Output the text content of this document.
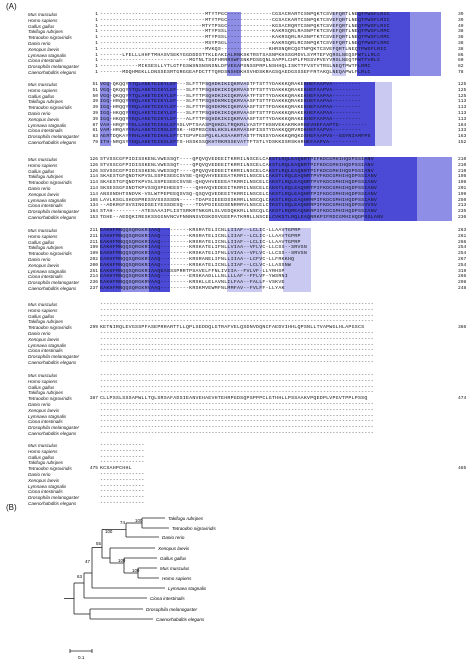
(A)
Mus musculus	1 ---------------------------------MTYTPGC--------------CGSACRARTCSNPQKTCSVEFQRTLNEQTPWSFLRIC	39
Homo sapiens	1 ---------------------------------MTYTPGC--------------CGSACKARTCSNPQKTCSVEFQRTLNEQTPWSFLRIC	39
Gallus gallus	1 --------------------------------MTYTPSGC--------------KGSACRQRTCSNPQKTCSVEFQRTLNEQTPWSFLRIC	49
Takifugu rubripes	1 ---------------------------------MTYPSSL--------------KAKRSQRLRASNPTKTCSVEFQRTLNEQTPWSFLRMC	38
Tetraodon nigroviridis	1 ---------------------------------MTYPSSL--------------KAKRSQRLRASNPTKTCSVEFQRTLNEQTPWSFLRMC	38
Danio rerio	1 ---------------------------------MSYPSGL--------------KAKRSQRLRCSNPQKTCSVEFQRTLNEQTPWSFLRMC	38
Xenopus laevis	1 ---------------------------------MVKQS---------------KHRSNQRCQGTNPQKTCSVEFQRTLNEQTPWSFLRIC	38
Lymnaea stagnalis	1 -------LFELLLHHFTMHASVSEKYGGDDDSTTKLEAKIALRNKSKTRSTSASNPKHSSGMDVLSYMTEFVQRSLNEQSPWTLLRLC	86
Ciona intestinalis	1 ----------------------------MGTNLTSGFHRRRSWFSNKPDSEQNLSAPPLCHPLFMSSVPVEYVRSLNEQTPWTFVRLC	60
Drosophila melanogaster	1 ------------MIKSESLLYTLGTFGSWSNSNSNSNLDFVEGAPSNSSPRPLNSHHQLISKTTFVSTVTRSLNEQTPWTFLRMC	82
Caenorhabditis elegans	1 -------MDQHMEKLLDNSSESRTGRGGEAFDCTTTQRDSNSHDKHSVHDSKRAGSQAEDGSSSEFFRTAKQLNEQAPWLFLRLC	78
Mus musculus	51 VGQ-QKQQYYTQLAKETEIKYLEF---SLFTTPSQHDKIKIQKRVASTFTSTTYDAKKKQRAKEKHEFAAPVA---------	125
Homo sapiens	51 VGQ-QKQQYYTQLAKETEIKYLEF---SLFTTPSQHDKIKIQKRVASTFTSTTYDAKKKQRAKEKHEFAAPVA---------	125
Gallus gallus	50 VGQ-QKQQYYTQLAKETEIKYLEF---SLFTTPSQHDKIKIQKRVAATFTSTTYDAKKKQRAKEKHEFAAPAA---------	125
Takifugu rubripes	39 IGQ-HRQQYYRQLAKETEIKYLEF---SLFTTPSQHDKMKIQKRVAASFTSTTFDAKKKQRAKEKHEFAAPAA---------	113
Tetraodon nigroviridis	39 IGQ-HRQQYYRQLAKETEIKYLEF---SLFTTPSQHDKMKIQKRVAASFTSTTFDAKKKQRAKEKHEFAAPAA---------	113
Danio rerio	39 IGQ-HKQQYYRQLAKETEIKYLEF---SLFTTPSQHDKIKIQKRVAASFTSTTFDAKKKQRAKEKHEFAAPAA---------	113
Xenopus laevis	39 IGQ-HKQQYYKQLAKETEIKYLEF---ALFTTPSQHDKIKIQKRVAASFTSTTYDAKKKQRAKEKHEFAAPAA---------	113
Lymnaea stagnalis	87 VAH-HRQFYYKLLAKETEIKSLEFASLVPTSAASPQHKDLTRQKRLVASTFTHSNVEKAKRKHRKEVHEFAAPTG---------	164
Ciona intestinalis	61 VAM-HRQAYYKALAKETEIRSLEFSK--HDPRSCSNLKKSLKKRVASHFISSTYDAKKQQRVRDKHEFAAPVA---------	133
Drosophila melanogaster	83 AERTDQKAYYRHLAKETEIKHLEFTCTGPVPGSPQLKLKSAAKRTASTFTNSSYDAKKKQRQKDSHEFAAPVS--GSYNIAMFPS	163
Caenorhabditis elegans	79 ITH-NRQSYYDQLAKETEIKSLEFTS-HSSKSSQKHTRKRSSEVATTFTSTLYDSKKSSRSKHRHEFAAPVA---------	152
Mus musculus	126 STVSSCGFPIDISSKENLVWESSQT----QPQVQVEDEEITKRRILNSCELCAKSTLRQLEAQNRTPIFKDCGMHIHQDPSSIANV	210
Homo sapiens	126 STVSSCGFPIDISSKENLVWESSQT----QPQVQVEDEEITKRRILNSCELCAKSTLRQLEAQNRTPIFKDCGMHIHQDPSSIANV	210
Gallus gallus	126 SSVSSCGFPIDISSKENLVWESSQT----QPQVQVEDEEITKRRILNSCELCAKSTLRQLEAQNRTPIFKDCGMHIHQDPSSIANV	210
Takifugu rubripes	114 SKAESTGFQNDTKPVSLSSPESEECSVSE-QHQVHVEEEEATKRRILNSCELCAKSTLRQLEAQNRTPVFKDCGMHIHQDPSSIANV	198
Tetraodon nigroviridis	114 SKAESTGFQNDTKPVSLSSPESEECSVSE-QHQVHVEEEEATKRRILNSCELCAKSTLRQLEAQNRTPVFKDCGMHIHQDPSSIANV	198
Danio rerio	114 SKSESSGFSNDTKPVSSQSPEHEEST----QHHVQVEDEEITKRRILNSCELCAKSTLRQLEAQNRTPIFKDCGMHIHQDPSSIANV	201
Xenopus laevis	114 ANSSNDHTSNDVK-VSLWTPEPEEQSVSQ-QSQVQVEDEEITKRRILNSCELCAKSTLRQLEAQNRTPIFKDCGMHIHQDPSSIANV	199
Lymnaea stagnalis	165 LAVLKSGLSHDSPRESSVSSSSSDN-----TDAPSIEEEDSSKRRLLNSCQLCAKSTLRQLEAQNRRPIFKDCGMHIHQDPSSIANV	250
Ciona intestinalis	134 --ADKRGFSVSINGDSEIYESSDESQ----TDVPDIEGDSENRRRVLNSCELCTKSTLRQLEAQNRRPIFKDCGMHIHQDPSSVVSV	213
Drosophila melanogaster	164 STAH---------ATESAAAIPLISTSRKRTNKGRLSLVEDQKKRLLNSCQLCAKSTLRQMEAQNKRPIFKDCGMHIHQDPSSIANV	235
Caenorhabditis elegans	153 TDHE--AEDQKIRESKSSGGNVNCVFNNNNSVDSKDSVGEEPATKRRLLNSCELCVKSTLRQLEAQNRKPIFRDCGMHIHQDPSSLANV	236
Mus musculus	211 EAKHFMNQQSQRGKRIAAQ---------KRSRATELICNLLIIAF--LCLIC-LLAAVTGPRP	263
Homo sapiens	211 EAKHFMNQQSQRGKRIAAQ---------KRSRATELICNLLIIAF--LCLIC-LLAAVTGPRP	261
Gallus gallus	211 EAKHFMNQQSQRGKRIAAQ---------KRSRATELICNLLIIAF--LCLIC-LLAAVTGPRP	266
Takifugu rubripes	199 EAKHFMNQQSQRGKRIAAQ---------KRSKATELIFNLLVIAA--VFLVC-LLCSS--SRVSN	254
Tetraodon nigroviridis	199 EAKHFMNQQSQRGKRIAAQ---------KRSKATELIFNLLVIAA--VFLVC-LLCSS--SRVSN	254
Danio rerio	202 EAKHFMNQQSQRGKRIAAQ---------KRSRANELIFNLLIIAA--LCFVC-LLFRKKHQ	267
Xenopus laevis	200 EAKHFMNQQSQRGKRIAAQ---------KRSKATELICNLLIIAF--LCLVC-LLASSNW	254
Lymnaea stagnalis	251 EAKHFMNQQSQRGKRIAAQGASSSPRRTPSAVELFFNLIVIIA--FVLVF-LLYRHSP	319
Ciona intestinalis	214 EAKHYMNQQSQRGKRIAAQ---------ERSKAADLLLNLLLLAF--FFLVF-YWSRNI	266
Drosophila melanogaster	236 EAKHFMNQQSQRGKRVAAQ---------KRSKLLELAVNLILFAA--FALLF-VSKVE	298
Caenorhabditis elegans	237 EAKHFMNQQSQRGKRVAAQ---------KRSKMVEWMFNLMMFAV--FVLFF-LLYAK	248
Mus musculus	--------------------------------------------------------------------------------------
Homo sapiens	--------------------------------------------------------------------------------------
Gallus gallus	--------------------------------------------------------------------------------------
Takifugu rubripes	--------------------------------------------------------------------------------------
Tetraodon nigroviridis	299 KETNIRQLEVGSSPFASEPRRARTTLLQPLSEDDQLGTRAFVELQSDNVDQNCFAEDVIHHLQPSNLLTVAPWGLHLAPGSCS	386
Danio rerio	--------------------------------------------------------------------------------------
Xenopus laevis	--------------------------------------------------------------------------------------
Lymnaea stagnalis	--------------------------------------------------------------------------------------
Ciona intestinalis	--------------------------------------------------------------------------------------
Drosophila melanogaster	--------------------------------------------------------------------------------------
Caenorhabditis elegans	--------------------------------------------------------------------------------------
Mus musculus	--------------------------------------------------------------------------------------
Homo sapiens	--------------------------------------------------------------------------------------
Gallus gallus	--------------------------------------------------------------------------------------
Takifugu rubripes	--------------------------------------------------------------------------------------
Tetraodon nigroviridis	387 CLLPSSLSSSAPWLLTQLSRSAFADSIEANVEHAEVHTEHRPGDSQPSPPPCLGTHHLLPSSAAKVPQEDPLVPGVTPPLPSSQ	474
Danio rerio	--------------------------------------------------------------------------------------
Xenopus laevis	--------------------------------------------------------------------------------------
Lymnaea stagnalis	--------------------------------------------------------------------------------------
Ciona intestinalis	--------------------------------------------------------------------------------------
Drosophila melanogaster	--------------------------------------------------------------------------------------
Caenorhabditis elegans	--------------------------------------------------------------------------------------
Mus musculus	--------------
Homo sapiens	--------------
Gallus gallus	--------------
Takifugu rubripes	--------------
Tetraodon nigroviridis	475 KCSAHPCHHL	485
Danio rerio	--------------
Xenopus laevis	--------------
Lymnaea stagnalis	--------------
Ciona intestinalis	--------------
Drosophila melanogaster	--------------
Caenorhabditis elegans	--------------
(B)
Takifugu rubripes
Tetraodon nigroviridis
Danio rerio
Xenopus laevis
Gallus gallus
Mus musculus
Homo sapiens
Lymnaea stagnalis
Ciona intestinalis
Drosophila melanogaster
Caenorhabditis elegans
100
74
100
55
100
100
47
63
0.1
